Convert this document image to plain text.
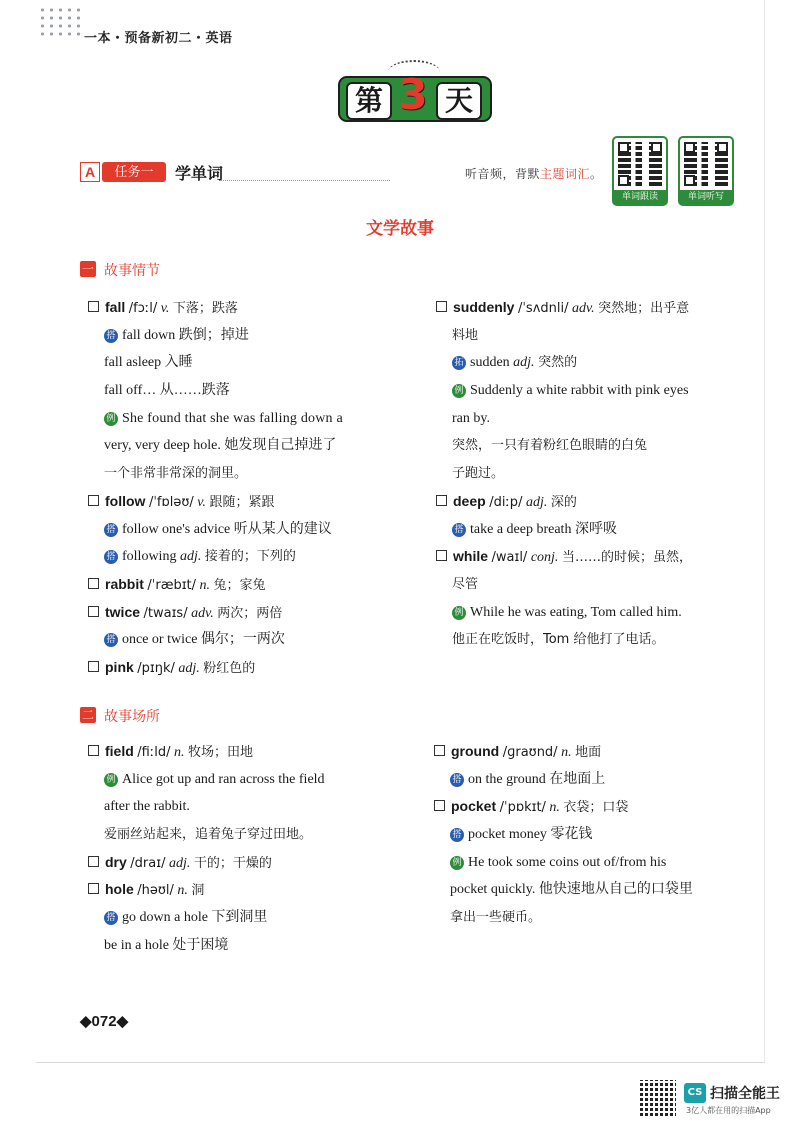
一本・预备新初二・英语
第 3 天
A	任务一	学单词	听音频，背默主题词汇。
单词跟读	单词听写
文学故事
一 故事情节
fall /fɔːl/ v. 下落；跌落
搭 fall down 跌倒；掉进
fall asleep 入睡
fall off… 从……跌落
例 She found that she was falling down a
very, very deep hole. 她发现自己掉进了
一个非常非常深的洞里。
follow /ˈfɒləʊ/ v. 跟随；紧跟
搭 follow one's advice 听从某人的建议
搭 following adj. 接着的；下列的
rabbit /ˈræbɪt/ n. 兔；家兔
twice /twaɪs/ adv. 两次；两倍
搭 once or twice 偶尔；一两次
pink /pɪŋk/ adj. 粉红色的
suddenly /ˈsʌdnli/ adv. 突然地；出乎意
料地
拓 sudden adj. 突然的
例 Suddenly a white rabbit with pink eyes
ran by.
突然，一只有着粉红色眼睛的白兔
子跑过。
deep /diːp/ adj. 深的
搭 take a deep breath 深呼吸
while /waɪl/ conj. 当……的时候；虽然，
尽管
例 While he was eating, Tom called him.
他正在吃饭时，Tom 给他打了电话。
二 故事场所
field /fiːld/ n. 牧场；田地
例 Alice got up and ran across the field
after the rabbit.
爱丽丝站起来，追着兔子穿过田地。
dry /draɪ/ adj. 干的；干燥的
hole /həʊl/ n. 洞
搭 go down a hole 下到洞里
be in a hole 处于困境
ground /ɡraʊnd/ n. 地面
搭 on the ground 在地面上
pocket /ˈpɒkɪt/ n. 衣袋；口袋
搭 pocket money 零花钱
例 He took some coins out of/from his
pocket quickly. 他快速地从自己的口袋里
拿出一些硬币。
◆072◆
CS 扫描全能王
3亿人都在用的扫描App
